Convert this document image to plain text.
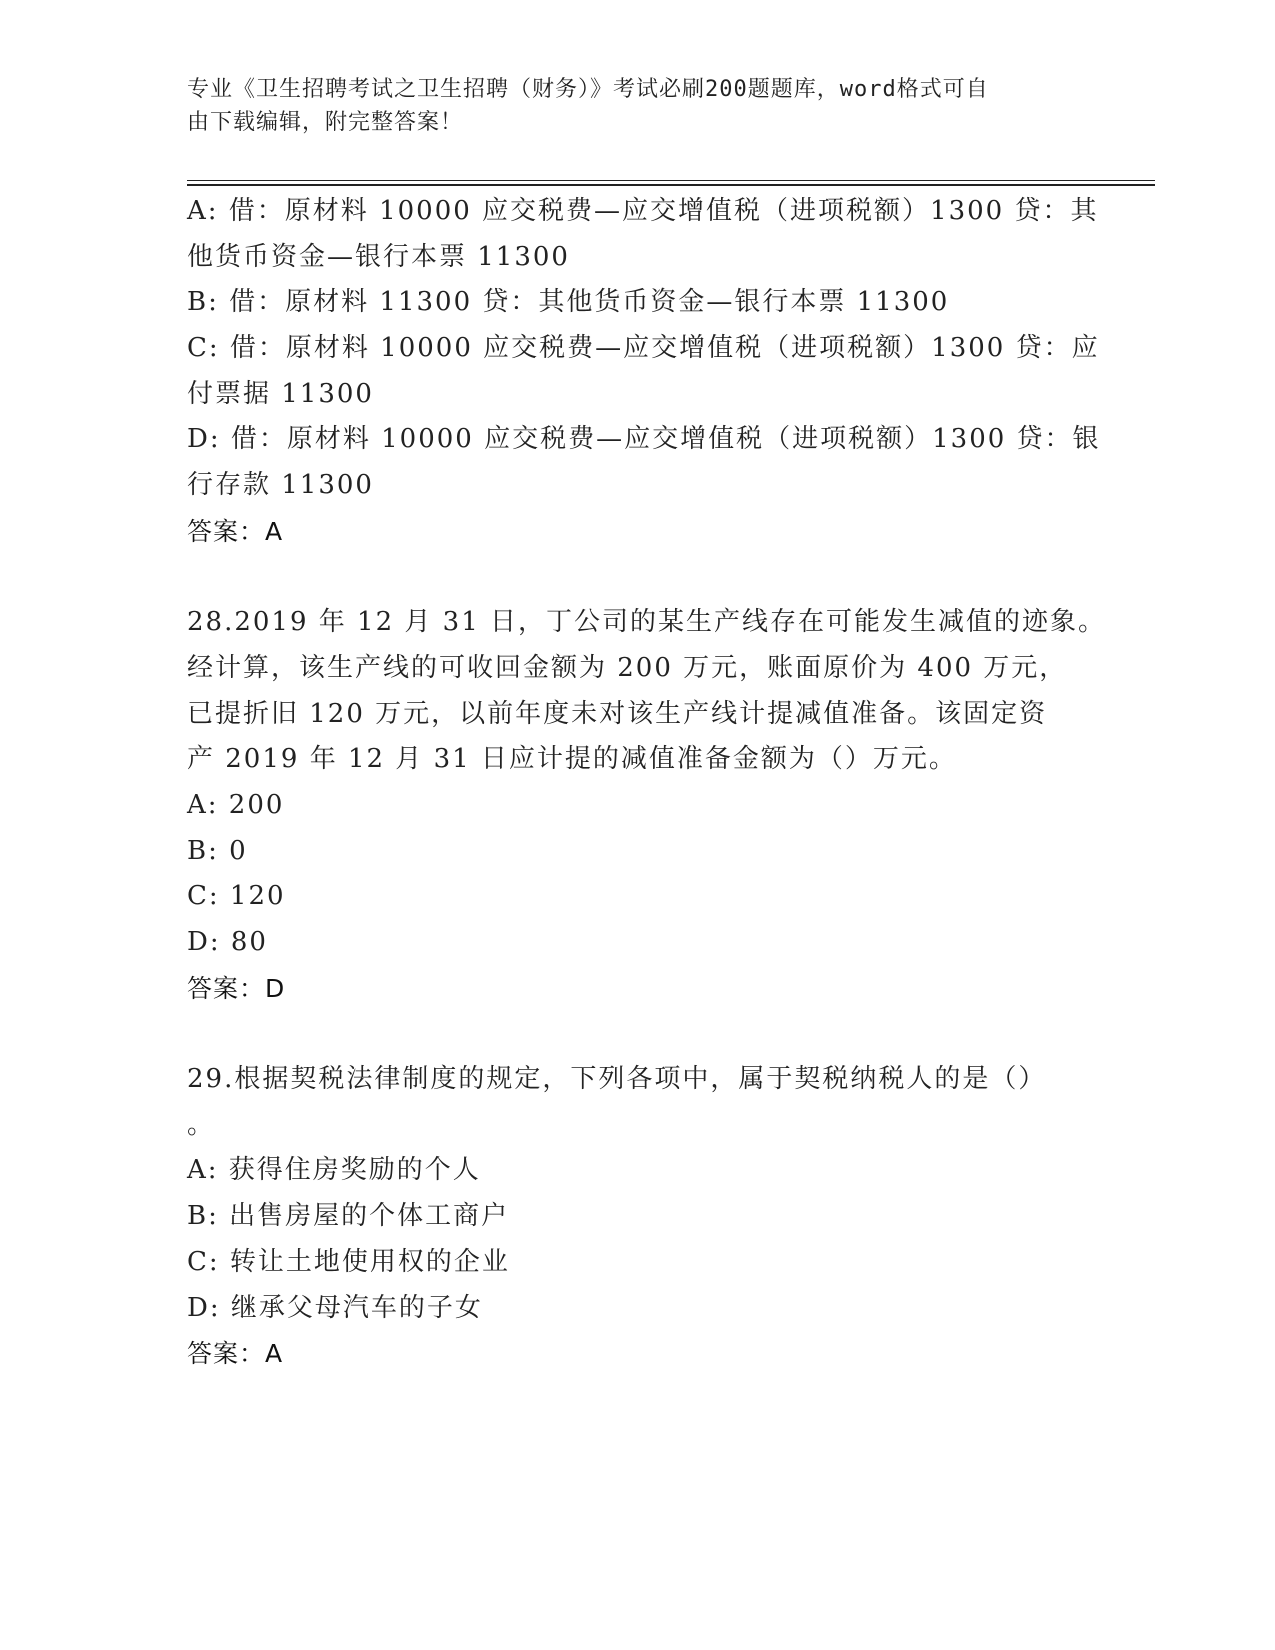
专业《卫生招聘考试之卫生招聘（财务）》考试必刷200题题库，word格式可自
由下载编辑，附完整答案！
A: 借：原材料 10000 应交税费—应交增值税（进项税额）1300 贷：其
他货币资金—银行本票 11300
B: 借：原材料 11300 贷：其他货币资金—银行本票 11300
C: 借：原材料 10000 应交税费—应交增值税（进项税额）1300 贷：应
付票据 11300
D: 借：原材料 10000 应交税费—应交增值税（进项税额）1300 贷：银
行存款 11300
答案：A
28.2019 年 12 月 31 日，丁公司的某生产线存在可能发生减值的迹象。
经计算，该生产线的可收回金额为 200 万元，账面原价为 400 万元，
已提折旧 120 万元，以前年度未对该生产线计提减值准备。该固定资
产 2019 年 12 月 31 日应计提的减值准备金额为（）万元。
A: 200
B: 0
C: 120
D: 80
答案：D
29.根据契税法律制度的规定，下列各项中，属于契税纳税人的是（）
。
A: 获得住房奖励的个人
B: 出售房屋的个体工商户
C: 转让土地使用权的企业
D: 继承父母汽车的子女
答案：A
